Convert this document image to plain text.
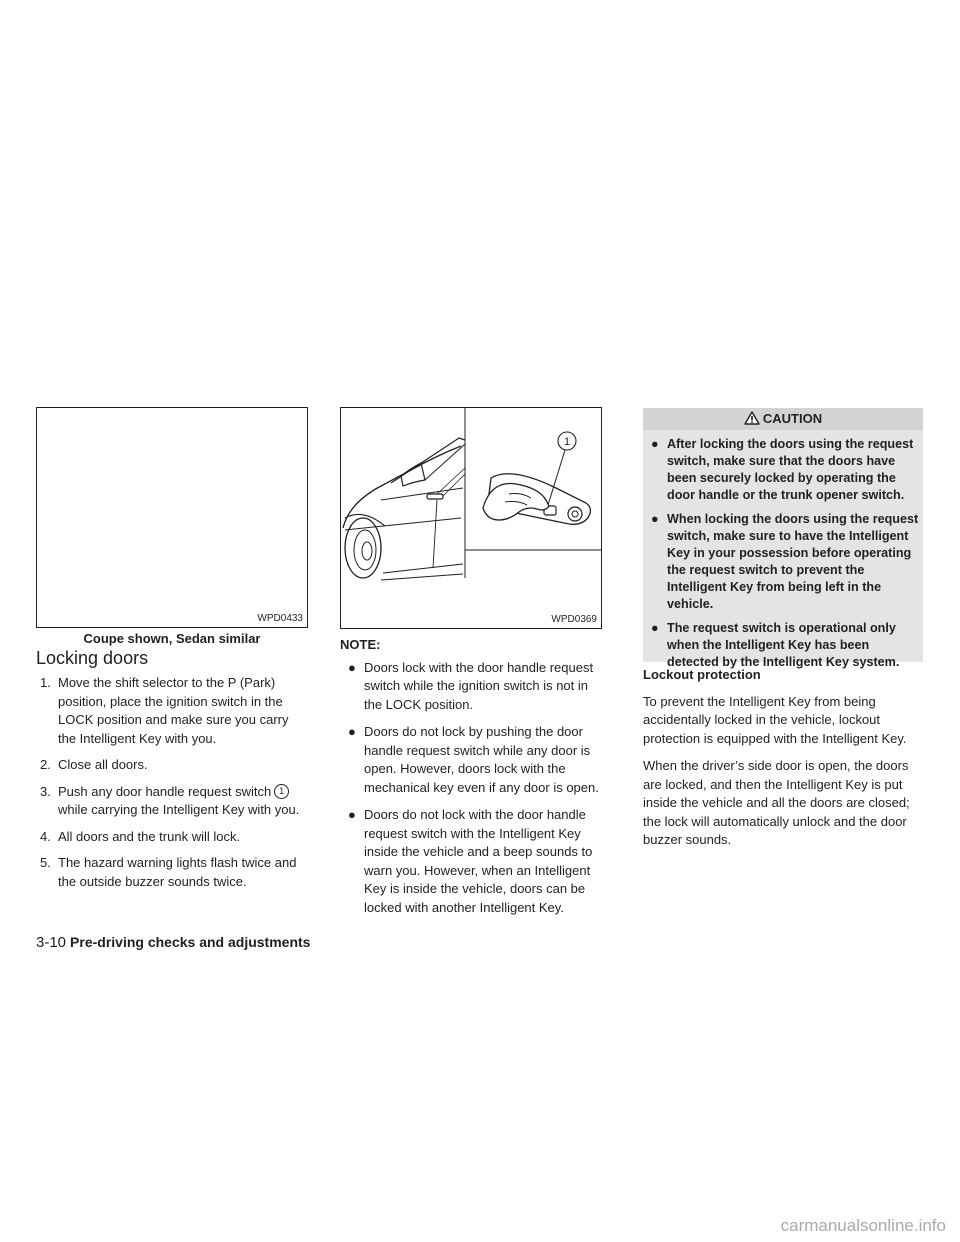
WPD0433
Coupe shown, Sedan similar
1
WPD0369
Locking doors
1. Move the shift selector to the P (Park) position, place the ignition switch in the LOCK position and make sure you carry the Intelligent Key with you.
2. Close all doors.
3. Push any door handle request switch 1 while carrying the Intelligent Key with you.
4. All doors and the trunk will lock.
5. The hazard warning lights flash twice and the outside buzzer sounds twice.
NOTE:
● Doors lock with the door handle request switch while the ignition switch is not in the LOCK position.
● Doors do not lock by pushing the door handle request switch while any door is open. However, doors lock with the mechanical key even if any door is open.
● Doors do not lock with the door handle request switch with the Intelligent Key inside the vehicle and a beep sounds to warn you. However, when an Intelligent Key is inside the vehicle, doors can be locked with another Intelligent Key.
CAUTION
● After locking the doors using the request switch, make sure that the doors have been securely locked by operating the door handle or the trunk opener switch.
● When locking the doors using the request switch, make sure to have the Intelligent Key in your possession before operating the request switch to prevent the Intelligent Key from being left in the vehicle.
● The request switch is operational only when the Intelligent Key has been detected by the Intelligent Key system.
Lockout protection

To prevent the Intelligent Key from being accidentally locked in the vehicle, lockout protection is equipped with the Intelligent Key.

When the driver’s side door is open, the doors are locked, and then the Intelligent Key is put inside the vehicle and all the doors are closed; the lock will automatically unlock and the door buzzer sounds.

3-10 Pre-driving checks and adjustments
carmanualsonline.info
